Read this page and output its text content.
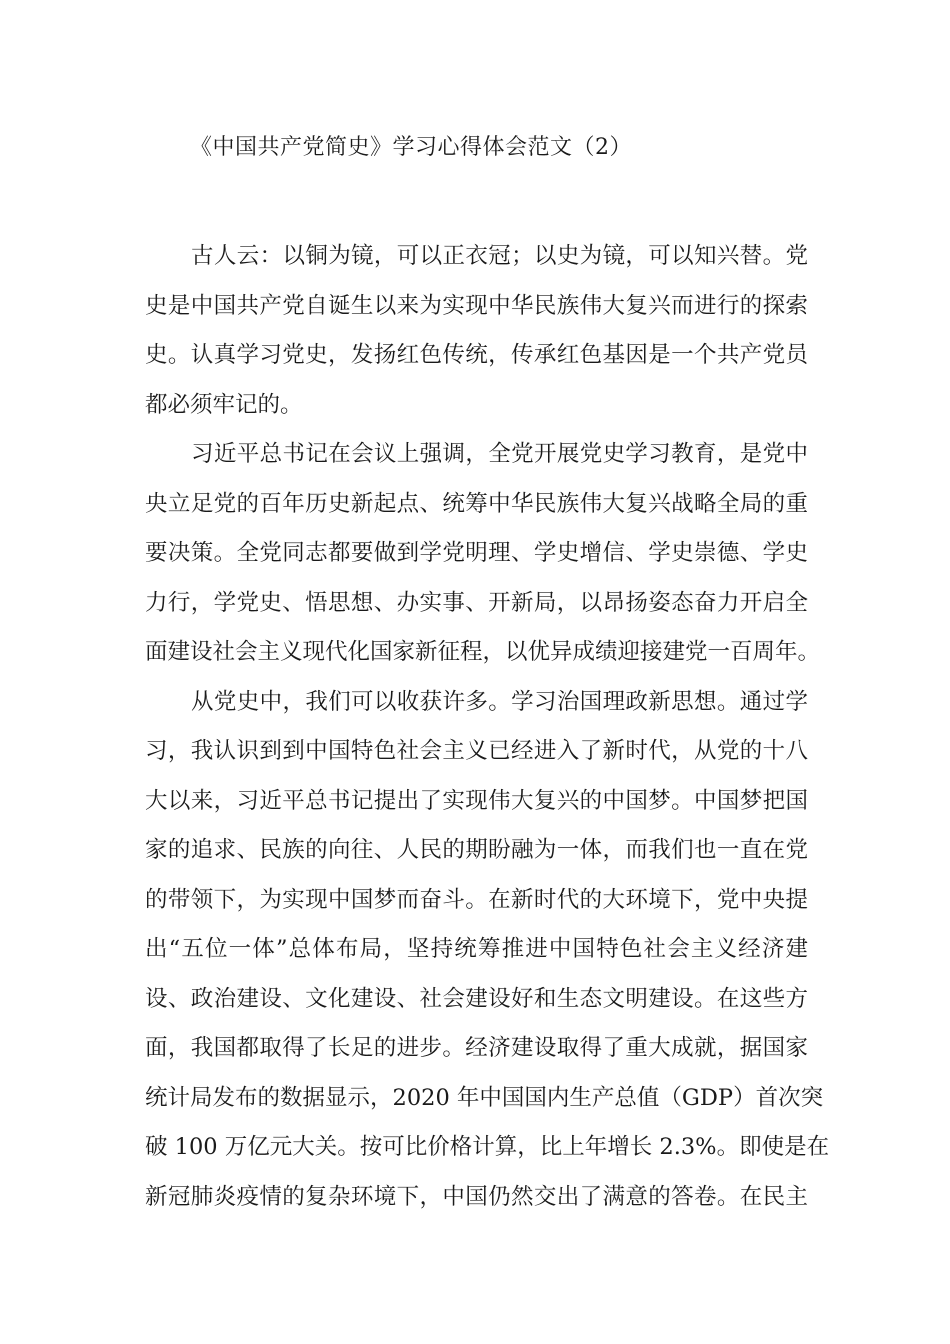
《中国共产党简史》学习心得体会范文（2）
古人云：以铜为镜，可以正衣冠；以史为镜，可以知兴替。党
史是中国共产党自诞生以来为实现中华民族伟大复兴而进行的探索
史。认真学习党史，发扬红色传统，传承红色基因是一个共产党员
都必须牢记的。
习近平总书记在会议上强调，全党开展党史学习教育，是党中
央立足党的百年历史新起点、统筹中华民族伟大复兴战略全局的重
要决策。全党同志都要做到学党明理、学史增信、学史崇德、学史
力行，学党史、悟思想、办实事、开新局，以昂扬姿态奋力开启全
面建设社会主义现代化国家新征程，以优异成绩迎接建党一百周年。
从党史中，我们可以收获许多。学习治国理政新思想。通过学
习，我认识到到中国特色社会主义已经进入了新时代，从党的十八
大以来，习近平总书记提出了实现伟大复兴的中国梦。中国梦把国
家的追求、民族的向往、人民的期盼融为一体，而我们也一直在党
的带领下，为实现中国梦而奋斗。在新时代的大环境下，党中央提
出“五位一体”总体布局，坚持统筹推进中国特色社会主义经济建
设、政治建设、文化建设、社会建设好和生态文明建设。在这些方
面，我国都取得了长足的进步。经济建设取得了重大成就，据国家
统计局发布的数据显示，2020 年中国国内生产总值（GDP）首次突
破 100 万亿元大关。按可比价格计算，比上年增长 2.3%。即使是在
新冠肺炎疫情的复杂环境下，中国仍然交出了满意的答卷。在民主
